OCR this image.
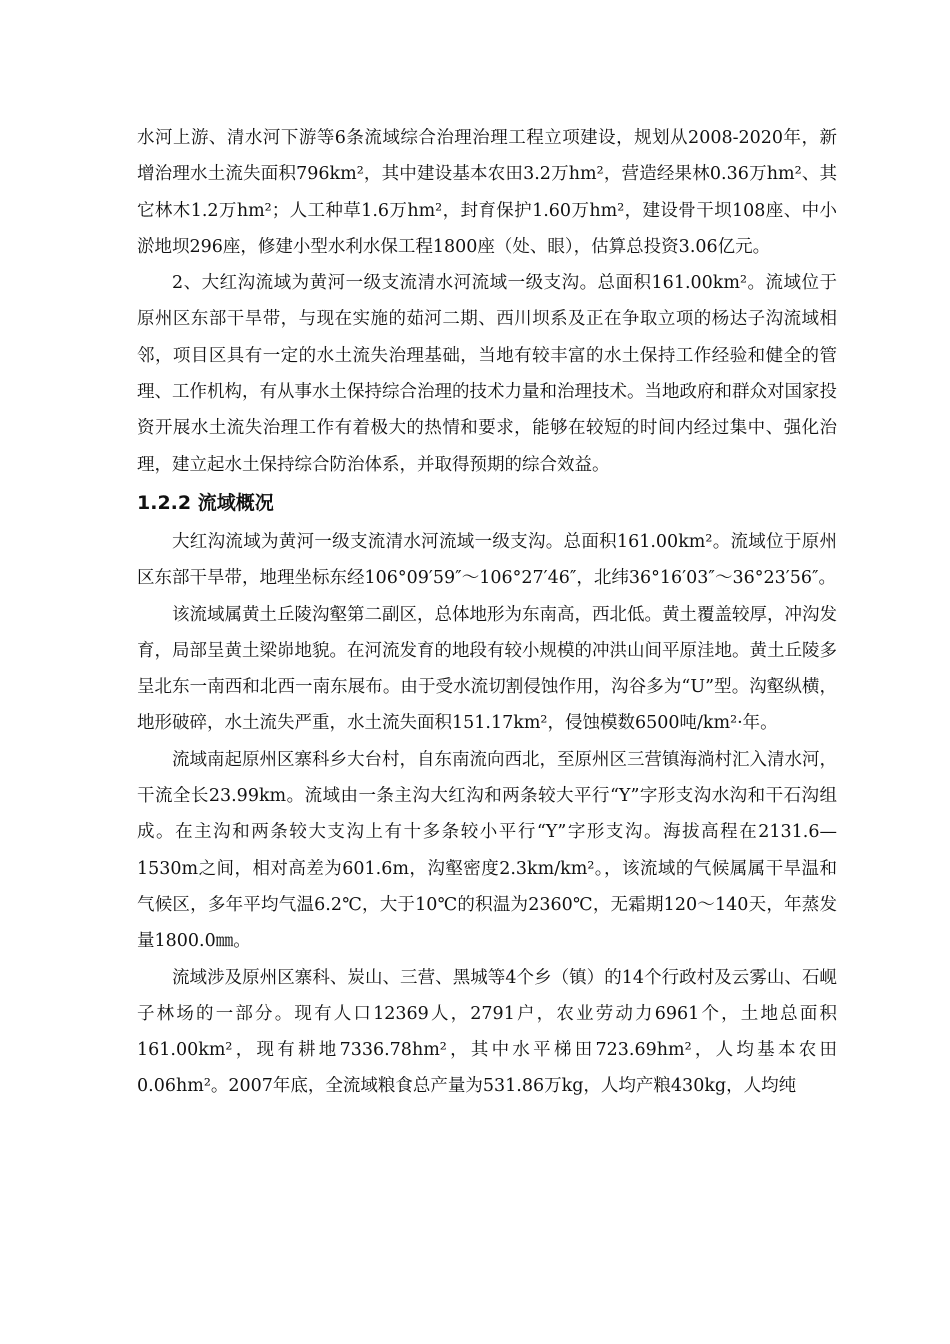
水河上游、清水河下游等6条流域综合治理治理工程立项建设，规划从2008-2020年，新增治理水土流失面积796km²，其中建设基本农田3.2万hm²，营造经果林0.36万hm²、其它林木1.2万hm²；人工种草1.6万hm²，封育保护1.60万hm²，建设骨干坝108座、中小淤地坝296座，修建小型水利水保工程1800座（处、眼），估算总投资3.06亿元。

2、大红沟流域为黄河一级支流清水河流域一级支沟。总面积161.00km²。流域位于原州区东部干旱带，与现在实施的茹河二期、西川坝系及正在争取立项的杨达子沟流域相邻，项目区具有一定的水土流失治理基础，当地有较丰富的水土保持工作经验和健全的管理、工作机构，有从事水土保持综合治理的技术力量和治理技术。当地政府和群众对国家投资开展水土流失治理工作有着极大的热情和要求，能够在较短的时间内经过集中、强化治理，建立起水土保持综合防治体系，并取得预期的综合效益。

1.2.2 流域概况

大红沟流域为黄河一级支流清水河流域一级支沟。总面积161.00km²。流域位于原州区东部干旱带，地理坐标东经106°09′59″～106°27′46″，北纬36°16′03″～36°23′56″。

该流域属黄土丘陵沟壑第二副区，总体地形为东南高，西北低。黄土覆盖较厚，冲沟发育，局部呈黄土梁峁地貌。在河流发育的地段有较小规模的冲洪山间平原洼地。黄土丘陵多呈北东一南西和北西一南东展布。由于受水流切割侵蚀作用，沟谷多为“U”型。沟壑纵横，地形破碎，水土流失严重，水土流失面积151.17km²，侵蚀模数6500吨/km²·年。

流域南起原州区寨科乡大台村，自东南流向西北，至原州区三营镇海淌村汇入清水河，干流全长23.99km。流域由一条主沟大红沟和两条较大平行“Y”字形支沟水沟和干石沟组成。在主沟和两条较大支沟上有十多条较小平行“Y”字形支沟。海拔高程在2131.6—1530m之间，相对高差为601.6m，沟壑密度2.3km/km²。，该流域的气候属属干旱温和气候区，多年平均气温6.2℃，大于10℃的积温为2360℃，无霜期120～140天，年蒸发量1800.0㎜。

流域涉及原州区寨科、炭山、三营、黑城等4个乡（镇）的14个行政村及云雾山、石岘子林场的一部分。现有人口12369人，2791户，农业劳动力6961个，土地总面积161.00km²，现有耕地7336.78hm²，其中水平梯田723.69hm²，人均基本农田0.06hm²。2007年底，全流域粮食总产量为531.86万kg，人均产粮430kg，人均纯
